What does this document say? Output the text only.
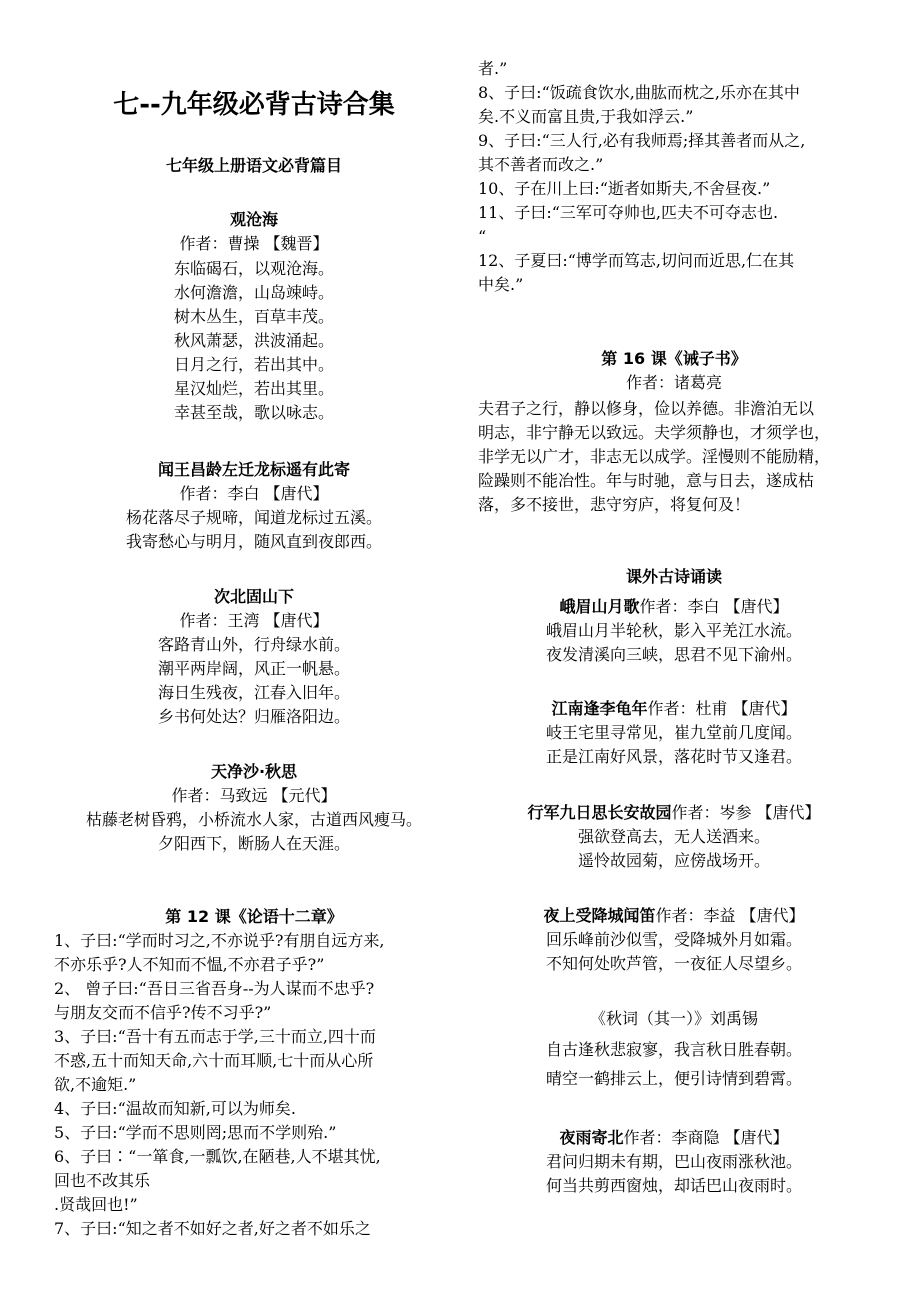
七--九年级必背古诗合集
七年级上册语文必背篇目
观沧海
作者：曹操 【魏晋】
东临碣石，以观沧海。
水何澹澹，山岛竦峙。
树木丛生，百草丰茂。
秋风萧瑟，洪波涌起。
日月之行，若出其中。
星汉灿烂，若出其里。
幸甚至哉，歌以咏志。
闻王昌龄左迁龙标遥有此寄
作者：李白 【唐代】
杨花落尽子规啼，闻道龙标过五溪。
我寄愁心与明月，随风直到夜郎西。
次北固山下
作者：王湾 【唐代】
客路青山外，行舟绿水前。
潮平两岸阔，风正一帆悬。
海日生残夜，江春入旧年。
乡书何处达？归雁洛阳边。
天净沙·秋思
作者：马致远 【元代】
枯藤老树昏鸦，小桥流水人家，古道西风瘦马。
夕阳西下，断肠人在天涯。
第 12 课《论语十二章》
1、子曰:“学而时习之,不亦说乎?有朋自远方来,
不亦乐乎?人不知而不愠,不亦君子乎?”
2、 曾子曰:“吾日三省吾身--为人谋而不忠乎?
与朋友交而不信乎?传不习乎?”
3、子曰:“吾十有五而志于学,三十而立,四十而
不惑,五十而知天命,六十而耳顺,七十而从心所
欲,不逾矩.”
4、子曰:“温故而知新,可以为师矣.
5、子曰:“学而不思则罔;思而不学则殆.”
6、子曰∶“一箪食,一瓢饮,在陋巷,人不堪其忧,
回也不改其乐
.贤哉回也!”
7、子曰:“知之者不如好之者,好之者不如乐之
者.”
8、子曰:“饭疏食饮水,曲肱而枕之,乐亦在其中
矣.不义而富且贵,于我如浮云.”
9、子曰:“三人行,必有我师焉;择其善者而从之,
其不善者而改之.”
10、子在川上曰:“逝者如斯夫,不舍昼夜.”
11、子曰:“三军可夺帅也,匹夫不可夺志也.
“
12、子夏曰:“博学而笃志,切问而近思,仁在其
中矣.”
第 16 课《诫子书》
作者：诸葛亮
夫君子之行，静以修身，俭以养德。非澹泊无以
明志，非宁静无以致远。夫学须静也，才须学也，
非学无以广才，非志无以成学。淫慢则不能励精，
险躁则不能冶性。年与时驰，意与日去，遂成枯
落，多不接世，悲守穷庐，将复何及！
课外古诗诵读
峨眉山月歌作者：李白 【唐代】
峨眉山月半轮秋，影入平羌江水流。
夜发清溪向三峡，思君不见下渝州。
江南逢李龟年作者：杜甫 【唐代】
岐王宅里寻常见，崔九堂前几度闻。
正是江南好风景，落花时节又逢君。
行军九日思长安故园作者：岑参 【唐代】
强欲登高去，无人送酒来。
遥怜故园菊，应傍战场开。
夜上受降城闻笛作者：李益 【唐代】
回乐峰前沙似雪，受降城外月如霜。
不知何处吹芦管，一夜征人尽望乡。
《秋词（其一）》刘禹锡
自古逢秋悲寂寥，我言秋日胜春朝。
晴空一鹤排云上，便引诗情到碧霄。
夜雨寄北作者：李商隐 【唐代】
君问归期未有期，巴山夜雨涨秋池。
何当共剪西窗烛，却话巴山夜雨时。
